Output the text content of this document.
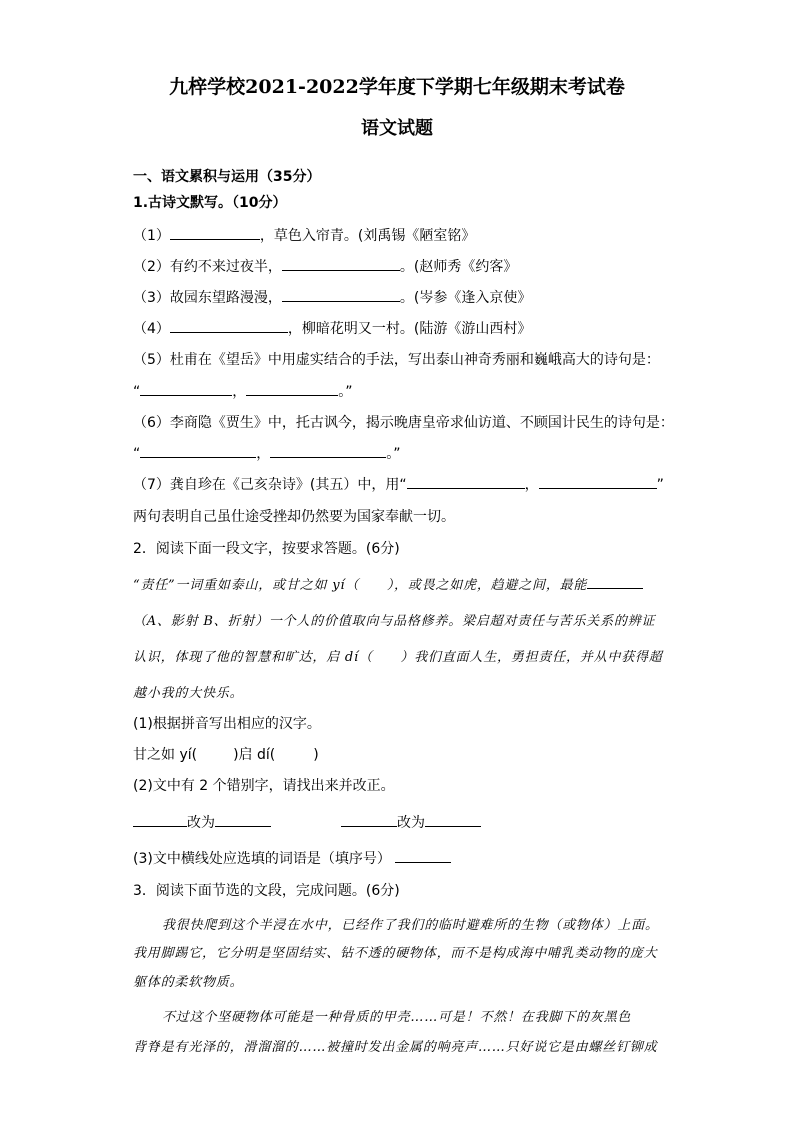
九梓学校2021-2022学年度下学期七年级期末考试卷
语文试题
一、语文累积与运用（35分）
1.古诗文默写。（10分）
（1）	，草色入帘青。(刘禹锡《陋室铭》
（2）有约不来过夜半，	。(赵师秀《约客》
（3）故园东望路漫漫，	。(岑参《逢入京使》
（4）	，柳暗花明又一村。(陆游《游山西村》
（5）杜甫在《望岳》中用虚实结合的手法，写出泰山神奇秀丽和巍峨高大的诗句是：
“	，	。”
（6）李商隐《贾生》中，托古讽今，揭示晚唐皇帝求仙访道、不顾国计民生的诗句是：
“	，	。”
（7）龚自珍在《己亥杂诗》(其五）中，用“	，	”
两句表明自己虽仕途受挫却仍然要为国家奉献一切。
2．阅读下面一段文字，按要求答题。(6分)
“责任”一词重如泰山，或甘之如 yí（　　），或畏之如虎，趋避之间，最能
（A、影射 B、折射）一个人的价值取向与品格修养。梁启超对责任与苦乐关系的辨证
认识，体现了他的智慧和旷达，启 dí（　　）我们直面人生，勇担责任，并从中获得超
越小我的大快乐。
(1)根据拼音写出相应的汉字。
甘之如 yí(	)启 dí(	)
(2)文中有 2 个错别字，请找出来并改正。
改为	改为
(3)文中横线处应选填的词语是（填序号）
3．阅读下面节选的文段，完成问题。(6分)
我很快爬到这个半浸在水中，已经作了我们的临时避难所的生物（或物体）上面。
我用脚踢它，它分明是坚固结实、钻不透的硬物体，而不是构成海中哺乳类动物的庞大
躯体的柔软物质。
不过这个坚硬物体可能是一种骨质的甲壳……可是！不然！在我脚下的灰黑色
背脊是有光泽的，滑溜溜的……被撞时发出金属的响亮声……只好说它是由螺丝钉铆成
